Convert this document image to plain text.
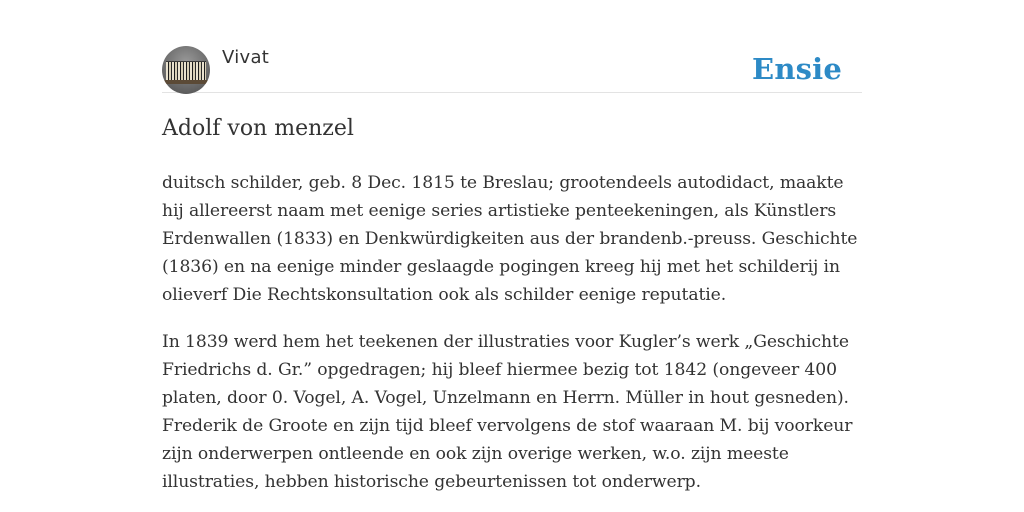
Vivat	Ensie
Adolf von menzel

duitsch schilder, geb. 8 Dec. 1815 te Breslau; grootendeels autodidact, maakte hij allereerst naam met eenige series artistieke penteekeningen, als Künstlers Erdenwallen (1833) en Denkwürdigkeiten aus der brandenb.-preuss. Geschichte (1836) en na eenige minder geslaagde pogingen kreeg hij met het schilderij in olieverf Die Rechtskonsultation ook als schilder eenige reputatie.

In 1839 werd hem het teekenen der illustraties voor Kugler’s werk „Geschichte Friedrichs d. Gr.” opgedragen; hij bleef hiermee bezig tot 1842 (ongeveer 400 platen, door 0. Vogel, A. Vogel, Unzelmann en Herrn. Müller in hout gesneden). Frederik de Groote en zijn tijd bleef vervolgens de stof waaraan M. bij voorkeur zijn onderwerpen ontleende en ook zijn overige werken, w.o. zijn meeste illustraties, hebben historische gebeurtenissen tot onderwerp.
